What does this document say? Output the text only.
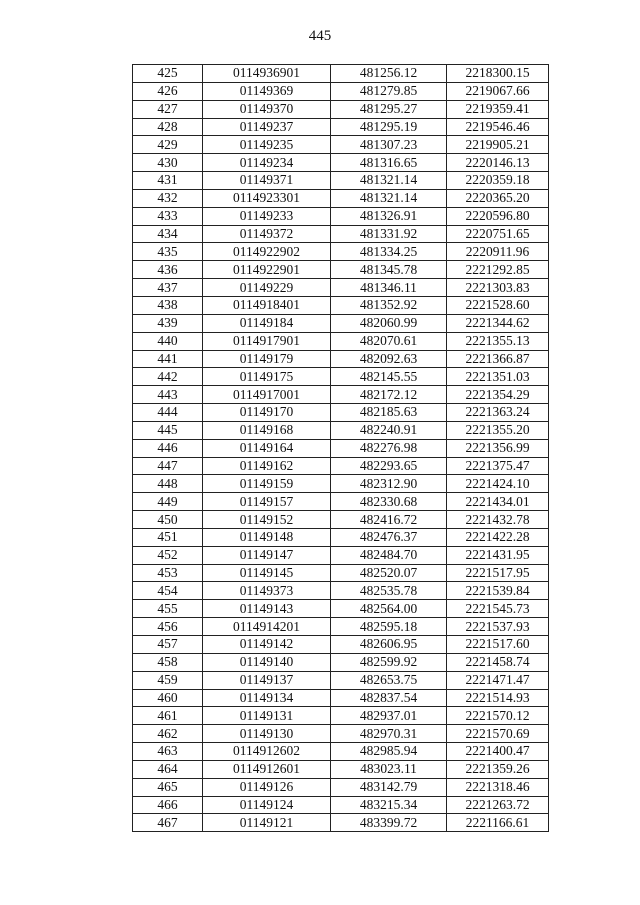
445
425	0114936901	481256.12	2218300.15
426	01149369	481279.85	2219067.66
427	01149370	481295.27	2219359.41
428	01149237	481295.19	2219546.46
429	01149235	481307.23	2219905.21
430	01149234	481316.65	2220146.13
431	01149371	481321.14	2220359.18
432	0114923301	481321.14	2220365.20
433	01149233	481326.91	2220596.80
434	01149372	481331.92	2220751.65
435	0114922902	481334.25	2220911.96
436	0114922901	481345.78	2221292.85
437	01149229	481346.11	2221303.83
438	0114918401	481352.92	2221528.60
439	01149184	482060.99	2221344.62
440	0114917901	482070.61	2221355.13
441	01149179	482092.63	2221366.87
442	01149175	482145.55	2221351.03
443	0114917001	482172.12	2221354.29
444	01149170	482185.63	2221363.24
445	01149168	482240.91	2221355.20
446	01149164	482276.98	2221356.99
447	01149162	482293.65	2221375.47
448	01149159	482312.90	2221424.10
449	01149157	482330.68	2221434.01
450	01149152	482416.72	2221432.78
451	01149148	482476.37	2221422.28
452	01149147	482484.70	2221431.95
453	01149145	482520.07	2221517.95
454	01149373	482535.78	2221539.84
455	01149143	482564.00	2221545.73
456	0114914201	482595.18	2221537.93
457	01149142	482606.95	2221517.60
458	01149140	482599.92	2221458.74
459	01149137	482653.75	2221471.47
460	01149134	482837.54	2221514.93
461	01149131	482937.01	2221570.12
462	01149130	482970.31	2221570.69
463	0114912602	482985.94	2221400.47
464	0114912601	483023.11	2221359.26
465	01149126	483142.79	2221318.46
466	01149124	483215.34	2221263.72
467	01149121	483399.72	2221166.61
